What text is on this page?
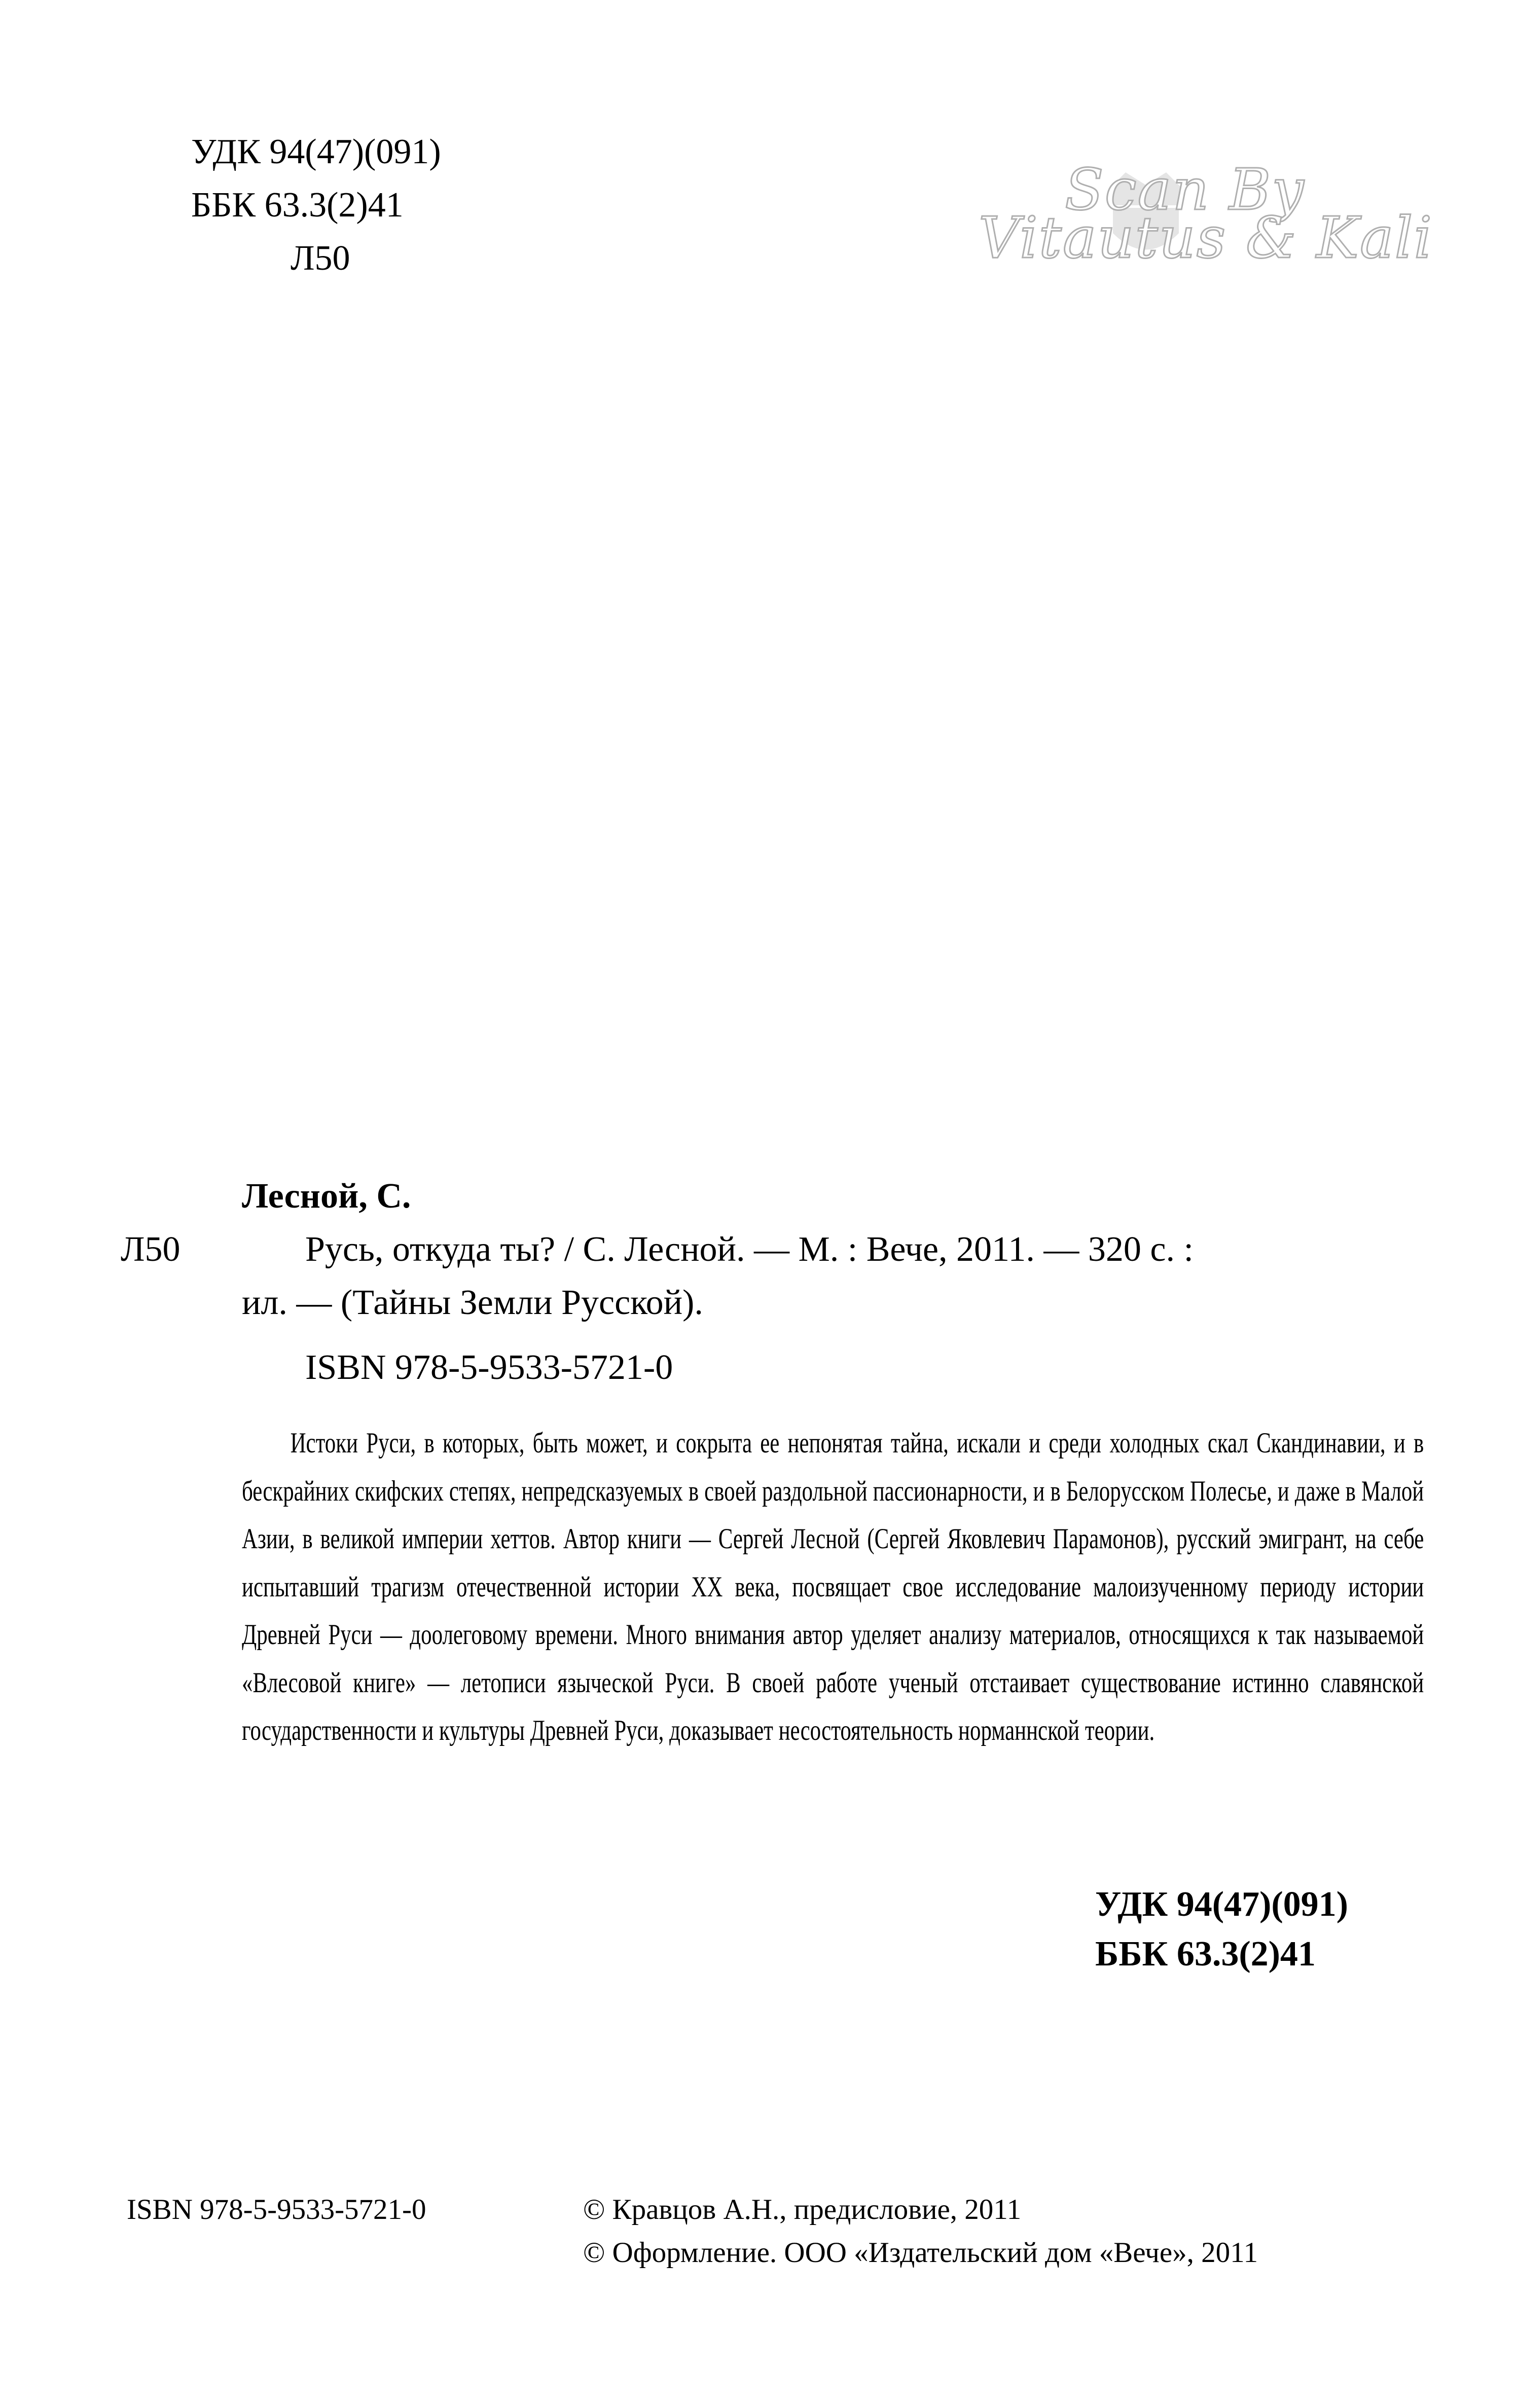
УДК 94(47)(091)
ББК 63.3(2)41
Л50
Scan By
Vitautus & Kali
Лесной, С.
Л50	Русь, откуда ты? / С. Лесной. — М. : Вече, 2011. — 320 с. :
ил. — (Тайны Земли Русской).
ISBN 978-5-9533-5721-0

Истоки Руси, в которых, быть может, и сокрыта ее непонятая тайна, искали и среди холодных скал Скандинавии, и в бескрайних скифских степях, непредсказуемых в своей раздольной пассионарности, и в Белорусском Полесье, и даже в Малой Азии, в великой империи хеттов. Автор книги — Сергей Лесной (Сергей Яковлевич Парамонов), русский эмигрант, на себе испытавший трагизм отечественной истории XX века, посвящает свое исследование малоизученному периоду истории Древней Руси — доолеговому времени. Много внимания автор уделяет анализу материалов, относящихся к так называемой «Влесовой книге» — летописи языческой Руси. В своей работе ученый отстаивает существование истинно славянской государственности и культуры Древней Руси, доказывает несостоятельность норманнской теории.

УДК 94(47)(091)
ББК 63.3(2)41
ISBN 978-5-9533-5721-0	© Кравцов А.Н., предисловие, 2011
© Оформление. ООО «Издательский дом «Вече», 2011
